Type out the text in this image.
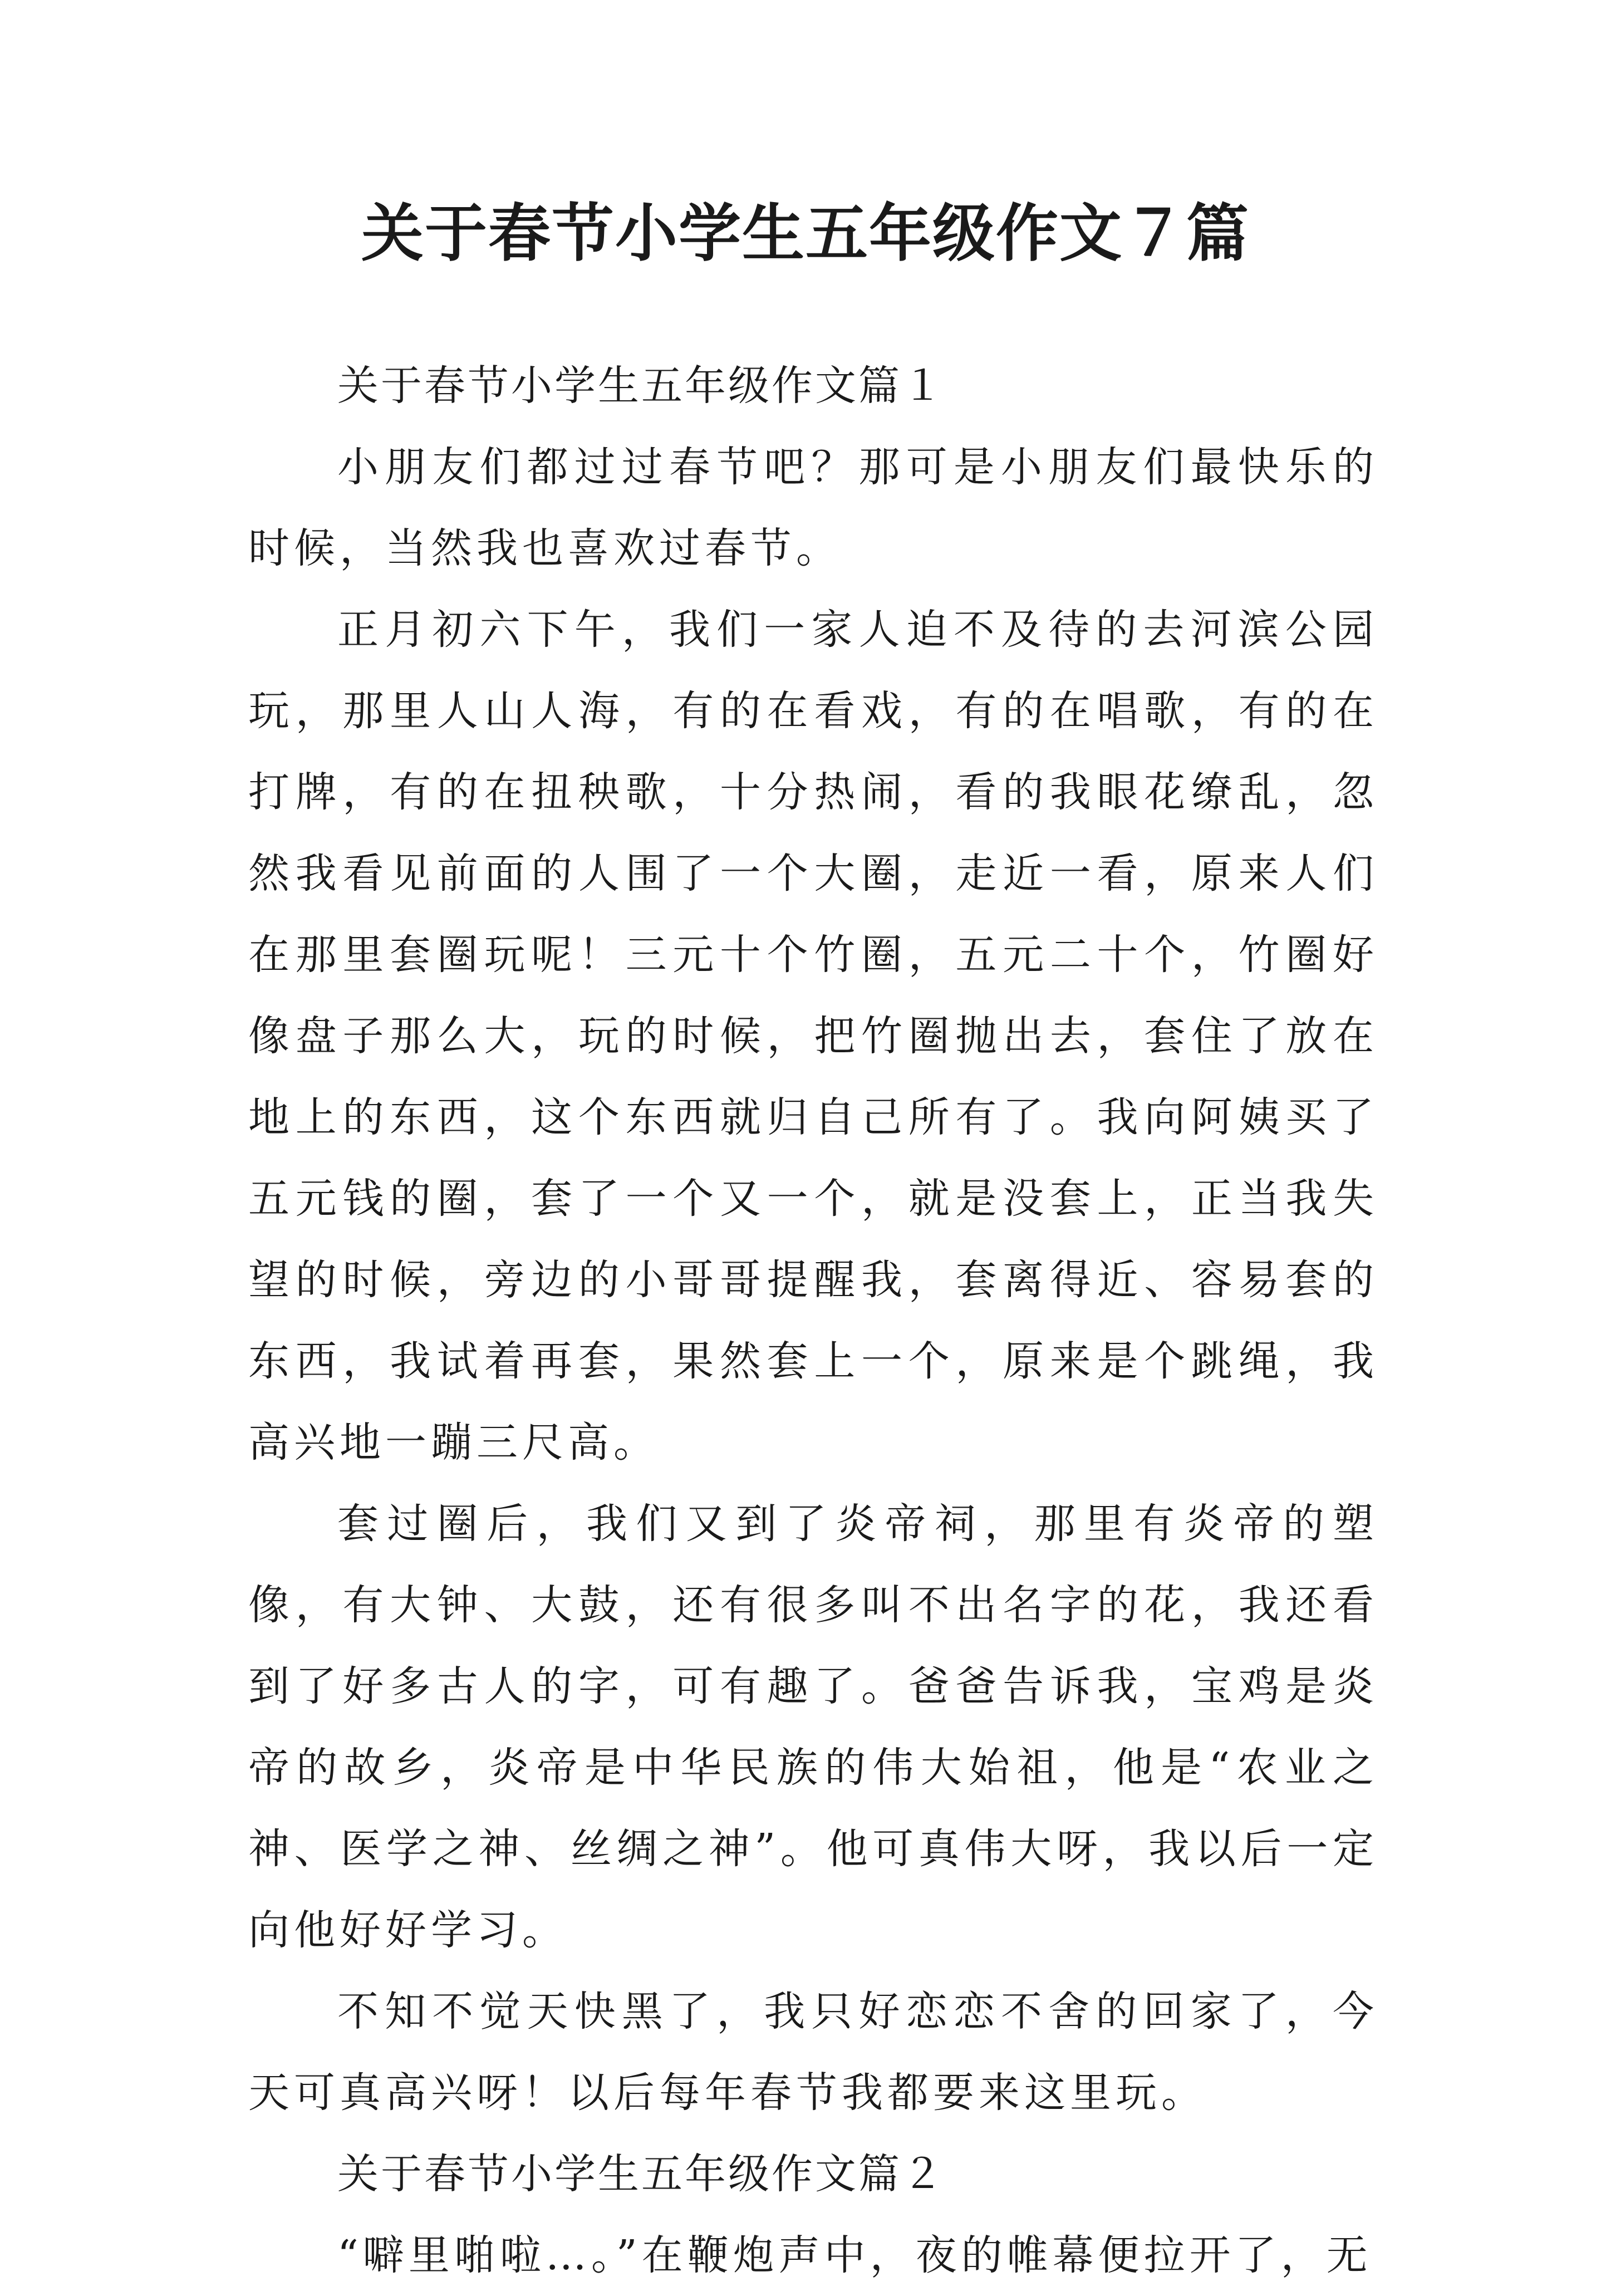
关于春节小学生五年级作文７篇

关于春节小学生五年级作文篇１

小朋友们都过过春节吧？那可是小朋友们最快乐的时候，当然我也喜欢过春节。

正月初六下午，我们一家人迫不及待的去河滨公园玩，那里人山人海，有的在看戏，有的在唱歌，有的在打牌，有的在扭秧歌，十分热闹，看的我眼花缭乱，忽然我看见前面的人围了一个大圈，走近一看，原来人们在那里套圈玩呢！三元十个竹圈，五元二十个，竹圈好像盘子那么大，玩的时候，把竹圈抛出去，套住了放在地上的东西，这个东西就归自己所有了。我向阿姨买了五元钱的圈，套了一个又一个，就是没套上，正当我失望的时候，旁边的小哥哥提醒我，套离得近、容易套的东西，我试着再套，果然套上一个，原来是个跳绳，我高兴地一蹦三尺高。

套过圈后，我们又到了炎帝祠，那里有炎帝的塑像，有大钟、大鼓，还有很多叫不出名字的花，我还看到了好多古人的字，可有趣了。爸爸告诉我，宝鸡是炎帝的故乡，炎帝是中华民族的伟大始祖，他是“农业之神、医学之神、丝绸之神”。他可真伟大呀，我以后一定向他好好学习。

不知不觉天快黑了，我只好恋恋不舍的回家了，今天可真高兴呀！以后每年春节我都要来这里玩。

关于春节小学生五年级作文篇２

“噼里啪啦…。”在鞭炮声中，夜的帷幕便拉开了，无
